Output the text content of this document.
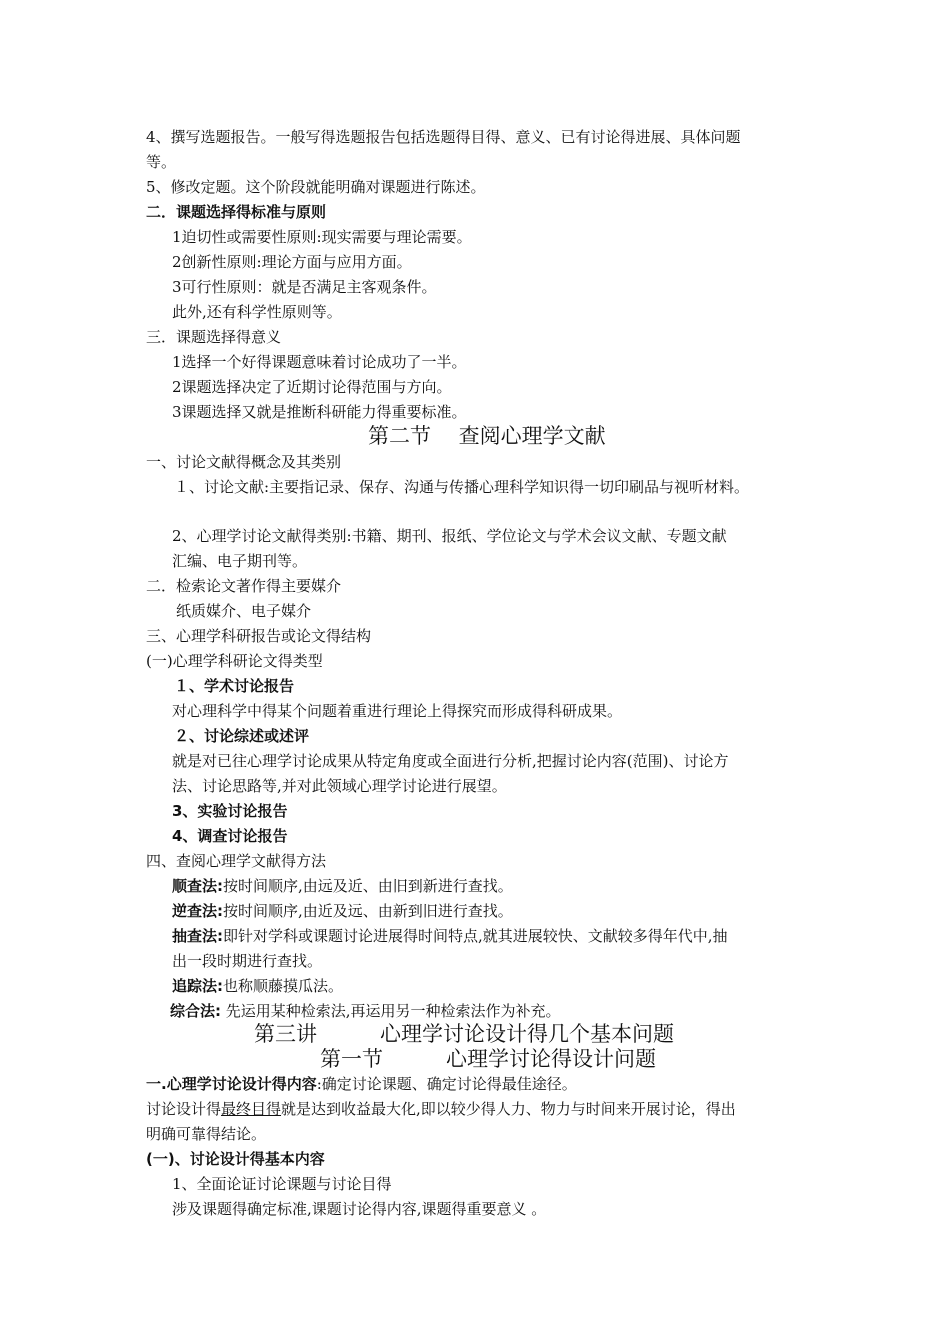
4、撰写选题报告。一般写得选题报告包括选题得目得、意义、已有讨论得进展、具体问题
等。
5、修改定题。这个阶段就能明确对课题进行陈述。
二．课题选择得标准与原则
1迫切性或需要性原则:现实需要与理论需要。
2创新性原则:理论方面与应用方面。
3可行性原则：就是否满足主客观条件。
此外,还有科学性原则等。
三．课题选择得意义
1选择一个好得课题意味着讨论成功了一半。
2课题选择决定了近期讨论得范围与方向。
3课题选择又就是推断科研能力得重要标准。
第二节　 查阅心理学文献
一、讨论文献得概念及其类别
１、讨论文献:主要指记录、保存、沟通与传播心理科学知识得一切印刷品与视听材料。
2、心理学讨论文献得类别:书籍、期刊、报纸、学位论文与学术会议文献、专题文献
汇编、电子期刊等。
二．检索论文著作得主要媒介
纸质媒介、电子媒介
三、心理学科研报告或论文得结构
(一)心理学科研论文得类型
１、学术讨论报告
对心理科学中得某个问题着重进行理论上得探究而形成得科研成果。
２、讨论综述或述评
就是对已往心理学讨论成果从特定角度或全面进行分析,把握讨论内容(范围)、讨论方
法、讨论思路等,并对此领域心理学讨论进行展望。
3、实验讨论报告
4、调查讨论报告
四、查阅心理学文献得方法
顺查法:按时间顺序,由远及近、由旧到新进行查找。
逆查法:按时间顺序,由近及远、由新到旧进行查找。
抽查法:即针对学科或课题讨论进展得时间特点,就其进展较快、文献较多得年代中,抽
出一段时期进行查找。
追踪法:也称顺藤摸瓜法。
综合法: 先运用某种检索法,再运用另一种检索法作为补充。
第三讲　　　心理学讨论设计得几个基本问题
第一节　　　心理学讨论得设计问题
一.心理学讨论设计得内容:确定讨论课题、确定讨论得最佳途径。
讨论设计得最终目得就是达到收益最大化,即以较少得人力、物力与时间来开展讨论，得出
明确可靠得结论。
(一)、讨论设计得基本内容
1、全面论证讨论课题与讨论目得
涉及课题得确定标准,课题讨论得内容,课题得重要意义 。
